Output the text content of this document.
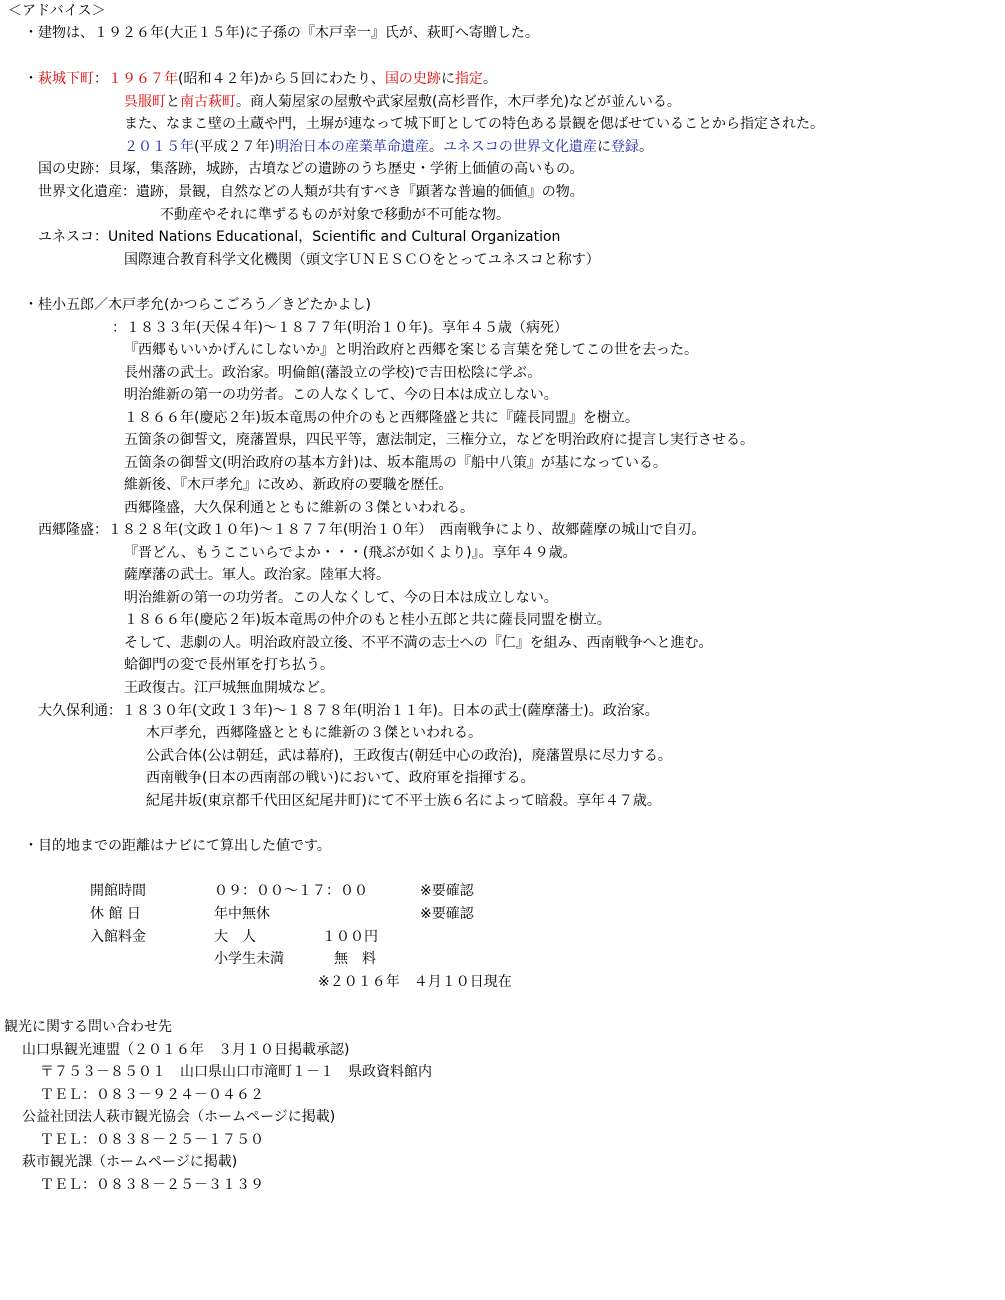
＜アドバイス＞
・建物は、１９２６年(大正１５年)に子孫の『木戸幸一』氏が、萩町へ寄贈した。
・萩城下町：１９６７年(昭和４２年)から５回にわたり、国の史跡に指定。
呉服町と南古萩町。商人菊屋家の屋敷や武家屋敷(高杉晋作，木戸孝允)などが並んいる。
また、なまこ壁の土蔵や門，土塀が連なって城下町としての特色ある景観を偲ばせていることから指定された。
２０１５年(平成２７年)明治日本の産業革命遺産。ユネスコの世界文化遺産に登録。
国の史跡：貝塚，集落跡，城跡，古墳などの遺跡のうち歴史・学術上価値の高いもの。
世界文化遺産：遺跡，景観，自然などの人類が共有すべき『顕著な普遍的価値』の物。
不動産やそれに準ずるものが対象で移動が不可能な物。
ユネスコ：United Nations Educational，Scientific and Cultural Organization
国際連合教育科学文化機関（頭文字ＵＮＥＳＣＯをとってユネスコと称す）
・桂小五郎／木戸孝允(かつらこごろう／きどたかよし)
：１８３３年(天保４年)～１８７７年(明治１０年)。享年４５歳（病死）
『西郷もいいかげんにしないか』と明治政府と西郷を案じる言葉を発してこの世を去った。
長州藩の武士。政治家。明倫館(藩設立の学校)で吉田松陰に学ぶ。
明治維新の第一の功労者。この人なくして、今の日本は成立しない。
１８６６年(慶応２年)坂本竜馬の仲介のもと西郷隆盛と共に『薩長同盟』を樹立。
五箇条の御誓文，廃藩置県，四民平等，憲法制定，三権分立，などを明治政府に提言し実行させる。
五箇条の御誓文(明治政府の基本方針)は、坂本龍馬の『船中八策』が基になっている。
維新後、『木戸孝允』に改め、新政府の要職を歴任。
西郷隆盛，大久保利通とともに維新の３傑といわれる。
西郷隆盛：１８２８年(文政１０年)～１８７７年(明治１０年）　西南戦争により、故郷薩摩の城山で自刃。
『晋どん、もうここいらでよか・・・(飛ぶが如くより)』。享年４９歳。
薩摩藩の武士。軍人。政治家。陸軍大将。
明治維新の第一の功労者。この人なくして、今の日本は成立しない。
１８６６年(慶応２年)坂本竜馬の仲介のもと桂小五郎と共に薩長同盟を樹立。
そして、悲劇の人。明治政府設立後、不平不満の志士への『仁』を組み、西南戦争へと進む。
蛤御門の変で長州軍を打ち払う。
王政復古。江戸城無血開城など。
大久保利通：１８３０年(文政１３年)～１８７８年(明治１１年)。日本の武士(薩摩藩士)。政治家。
木戸孝允，西郷隆盛とともに維新の３傑といわれる。
公武合体(公は朝廷，武は幕府)，王政復古(朝廷中心の政治)，廃藩置県に尽力する。
西南戦争(日本の西南部の戦い)において、政府軍を指揮する。
紀尾井坂(東京都千代田区紀尾井町)にて不平士族６名によって暗殺。享年４７歳。
・目的地までの距離はナビにて算出した値です。
開館時間	０９：００～１７：００	※要確認
休 館 日	年中無休	※要確認
入館料金	大　人	１００円
小学生未満	無　料
※２０１６年　４月１０日現在
観光に関する問い合わせ先
山口県観光連盟（２０１６年　３月１０日掲載承認)
〒７５３－８５０１　山口県山口市滝町１－１　県政資料館内
ＴＥＬ：０８３－９２４－０４６２
公益社団法人萩市観光協会（ホームページに掲載)
ＴＥＬ：０８３８－２５－１７５０
萩市観光課（ホームページに掲載)
ＴＥＬ：０８３８－２５－３１３９
